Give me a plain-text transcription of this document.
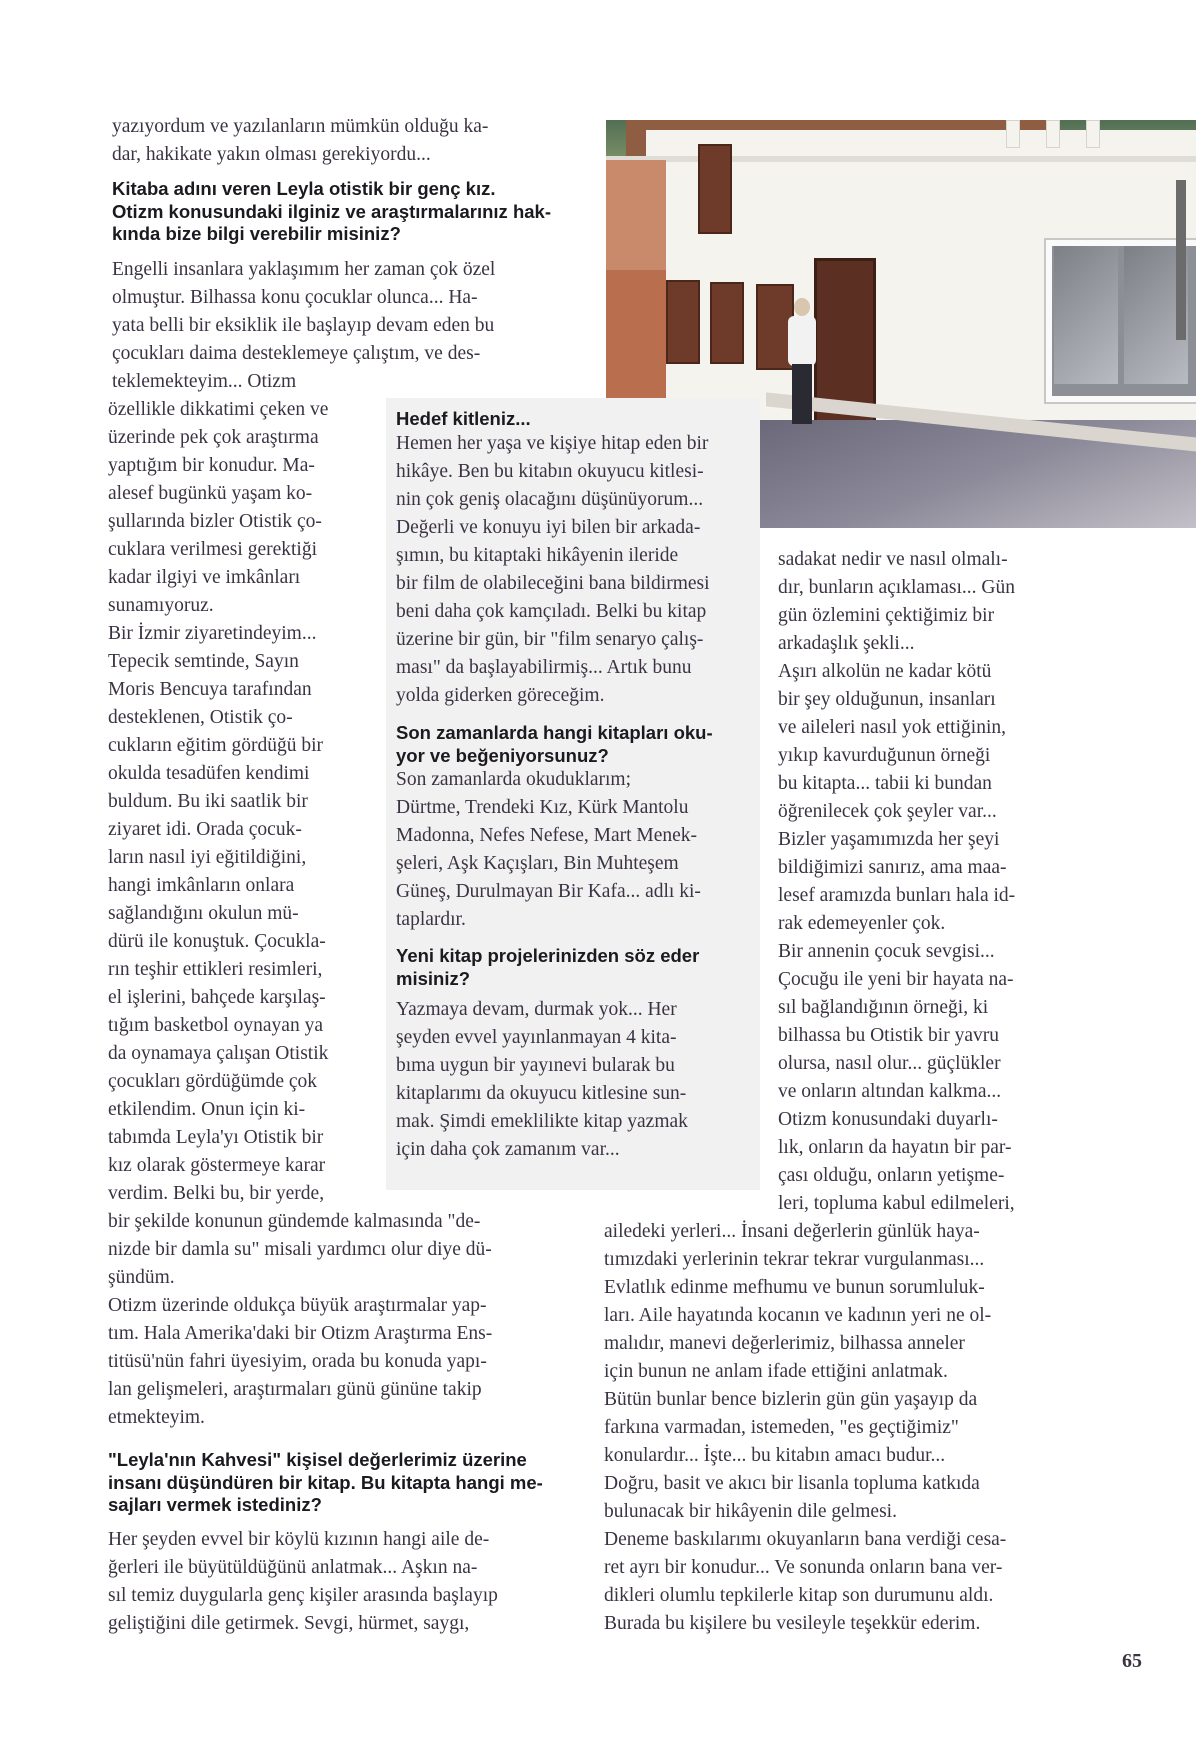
yazıyordum ve yazılanların mümkün olduğu ka-

dar, hakikate yakın olması gerekiyordu...

Kitaba adını veren Leyla otistik bir genç kız.

Otizm konusundaki ilginiz ve araştırmalarınız hak-

kında bize bilgi verebilir misiniz?

Engelli insanlara yaklaşımım her zaman çok özel

olmuştur. Bilhassa konu çocuklar olunca... Ha-

yata belli bir eksiklik ile başlayıp devam eden bu

çocukları daima desteklemeye çalıştım, ve des-

teklemekteyim... Otizm

özellikle dikkatimi çeken ve

üzerinde pek çok araştırma

yaptığım bir konudur. Ma-

alesef bugünkü yaşam ko-

şullarında bizler Otistik ço-

cuklara verilmesi gerektiği

kadar ilgiyi ve imkânları

sunamıyoruz.

Bir İzmir ziyaretindeyim...

Tepecik semtinde, Sayın

Moris Bencuya tarafından

desteklenen, Otistik ço-

cukların eğitim gördüğü bir

okulda tesadüfen kendimi

buldum. Bu iki saatlik bir

ziyaret idi. Orada çocuk-

ların nasıl iyi eğitildiğini,

hangi imkânların onlara

sağlandığını okulun mü-

dürü ile konuştuk. Çocukla-

rın teşhir ettikleri resimleri,

el işlerini, bahçede karşılaş-

tığım basketbol oynayan ya

da oynamaya çalışan Otistik

çocukları gördüğümde çok

etkilendim. Onun için ki-

tabımda Leyla'yı Otistik bir

kız olarak göstermeye karar

verdim. Belki bu, bir yerde,

bir şekilde konunun gündemde kalmasında "de-

nizde bir damla su" misali yardımcı olur diye dü-

şündüm.

Otizm üzerinde oldukça büyük araştırmalar yap-

tım. Hala Amerika'daki bir Otizm Araştırma Ens-

titüsü'nün fahri üyesiyim, orada bu konuda yapı-

lan gelişmeleri, araştırmaları günü gününe takip

etmekteyim.

"Leyla'nın Kahvesi" kişisel değerlerimiz üzerine

insanı düşündüren bir kitap. Bu kitapta hangi me-

sajları vermek istediniz?

Her şeyden evvel bir köylü kızının hangi aile de-

ğerleri ile büyütüldüğünü anlatmak... Aşkın na-

sıl temiz duygularla genç kişiler arasında başlayıp

geliştiğini dile getirmek. Sevgi, hürmet, saygı,

Hedef kitleniz...

Hemen her yaşa ve kişiye hitap eden bir

hikâye. Ben bu kitabın okuyucu kitlesi-

nin çok geniş olacağını düşünüyorum...

Değerli ve konuyu iyi bilen bir arkada-

şımın, bu kitaptaki hikâyenin ileride

bir film de olabileceğini bana bildirmesi

beni daha çok kamçıladı. Belki bu kitap

üzerine bir gün, bir "film senaryo çalış-

ması" da başlayabilirmiş... Artık bunu

yolda giderken göreceğim.

Son zamanlarda hangi kitapları oku-

yor ve beğeniyorsunuz?

Son zamanlarda okuduklarım;

Dürtme, Trendeki Kız, Kürk Mantolu

Madonna, Nefes Nefese, Mart Menek-

şeleri, Aşk Kaçışları, Bin Muhteşem

Güneş, Durulmayan Bir Kafa... adlı ki-

taplardır.

Yeni kitap projelerinizden söz eder

misiniz?

Yazmaya devam, durmak yok... Her

şeyden evvel yayınlanmayan 4 kita-

bıma uygun bir yayınevi bularak bu

kitaplarımı da okuyucu kitlesine sun-

mak. Şimdi emeklilikte kitap yazmak

için daha çok zamanım var...

sadakat nedir ve nasıl olmalı-

dır, bunların açıklaması... Gün

gün özlemini çektiğimiz bir

arkadaşlık şekli...

Aşırı alkolün ne kadar kötü

bir şey olduğunun, insanları

ve aileleri nasıl yok ettiğinin,

yıkıp kavurduğunun örneği

bu kitapta... tabii ki bundan

öğrenilecek çok şeyler var...

Bizler yaşamımızda her şeyi

bildiğimizi sanırız, ama maa-

lesef aramızda bunları hala id-

rak edemeyenler çok.

Bir annenin çocuk sevgisi...

Çocuğu ile yeni bir hayata na-

sıl bağlandığının örneği, ki

bilhassa bu Otistik bir yavru

olursa, nasıl olur... güçlükler

ve onların altından kalkma...

Otizm konusundaki duyarlı-

lık, onların da hayatın bir par-

çası olduğu, onların yetişme-

leri, topluma kabul edilmeleri,

ailedeki yerleri... İnsani değerlerin günlük haya-

tımızdaki yerlerinin tekrar tekrar vurgulanması...

Evlatlık edinme mefhumu ve bunun sorumluluk-

ları. Aile hayatında kocanın ve kadının yeri ne ol-

malıdır, manevi değerlerimiz, bilhassa anneler

için bunun ne anlam ifade ettiğini anlatmak.

Bütün bunlar bence bizlerin gün gün yaşayıp da

farkına varmadan, istemeden, "es geçtiğimiz"

konulardır... İşte... bu kitabın amacı budur...

Doğru, basit ve akıcı bir lisanla topluma katkıda

bulunacak bir hikâyenin dile gelmesi.

Deneme baskılarımı okuyanların bana verdiği cesa-

ret ayrı bir konudur... Ve sonunda onların bana ver-

dikleri olumlu tepkilerle kitap son durumunu aldı.

Burada bu kişilere bu vesileyle teşekkür ederim.

65
